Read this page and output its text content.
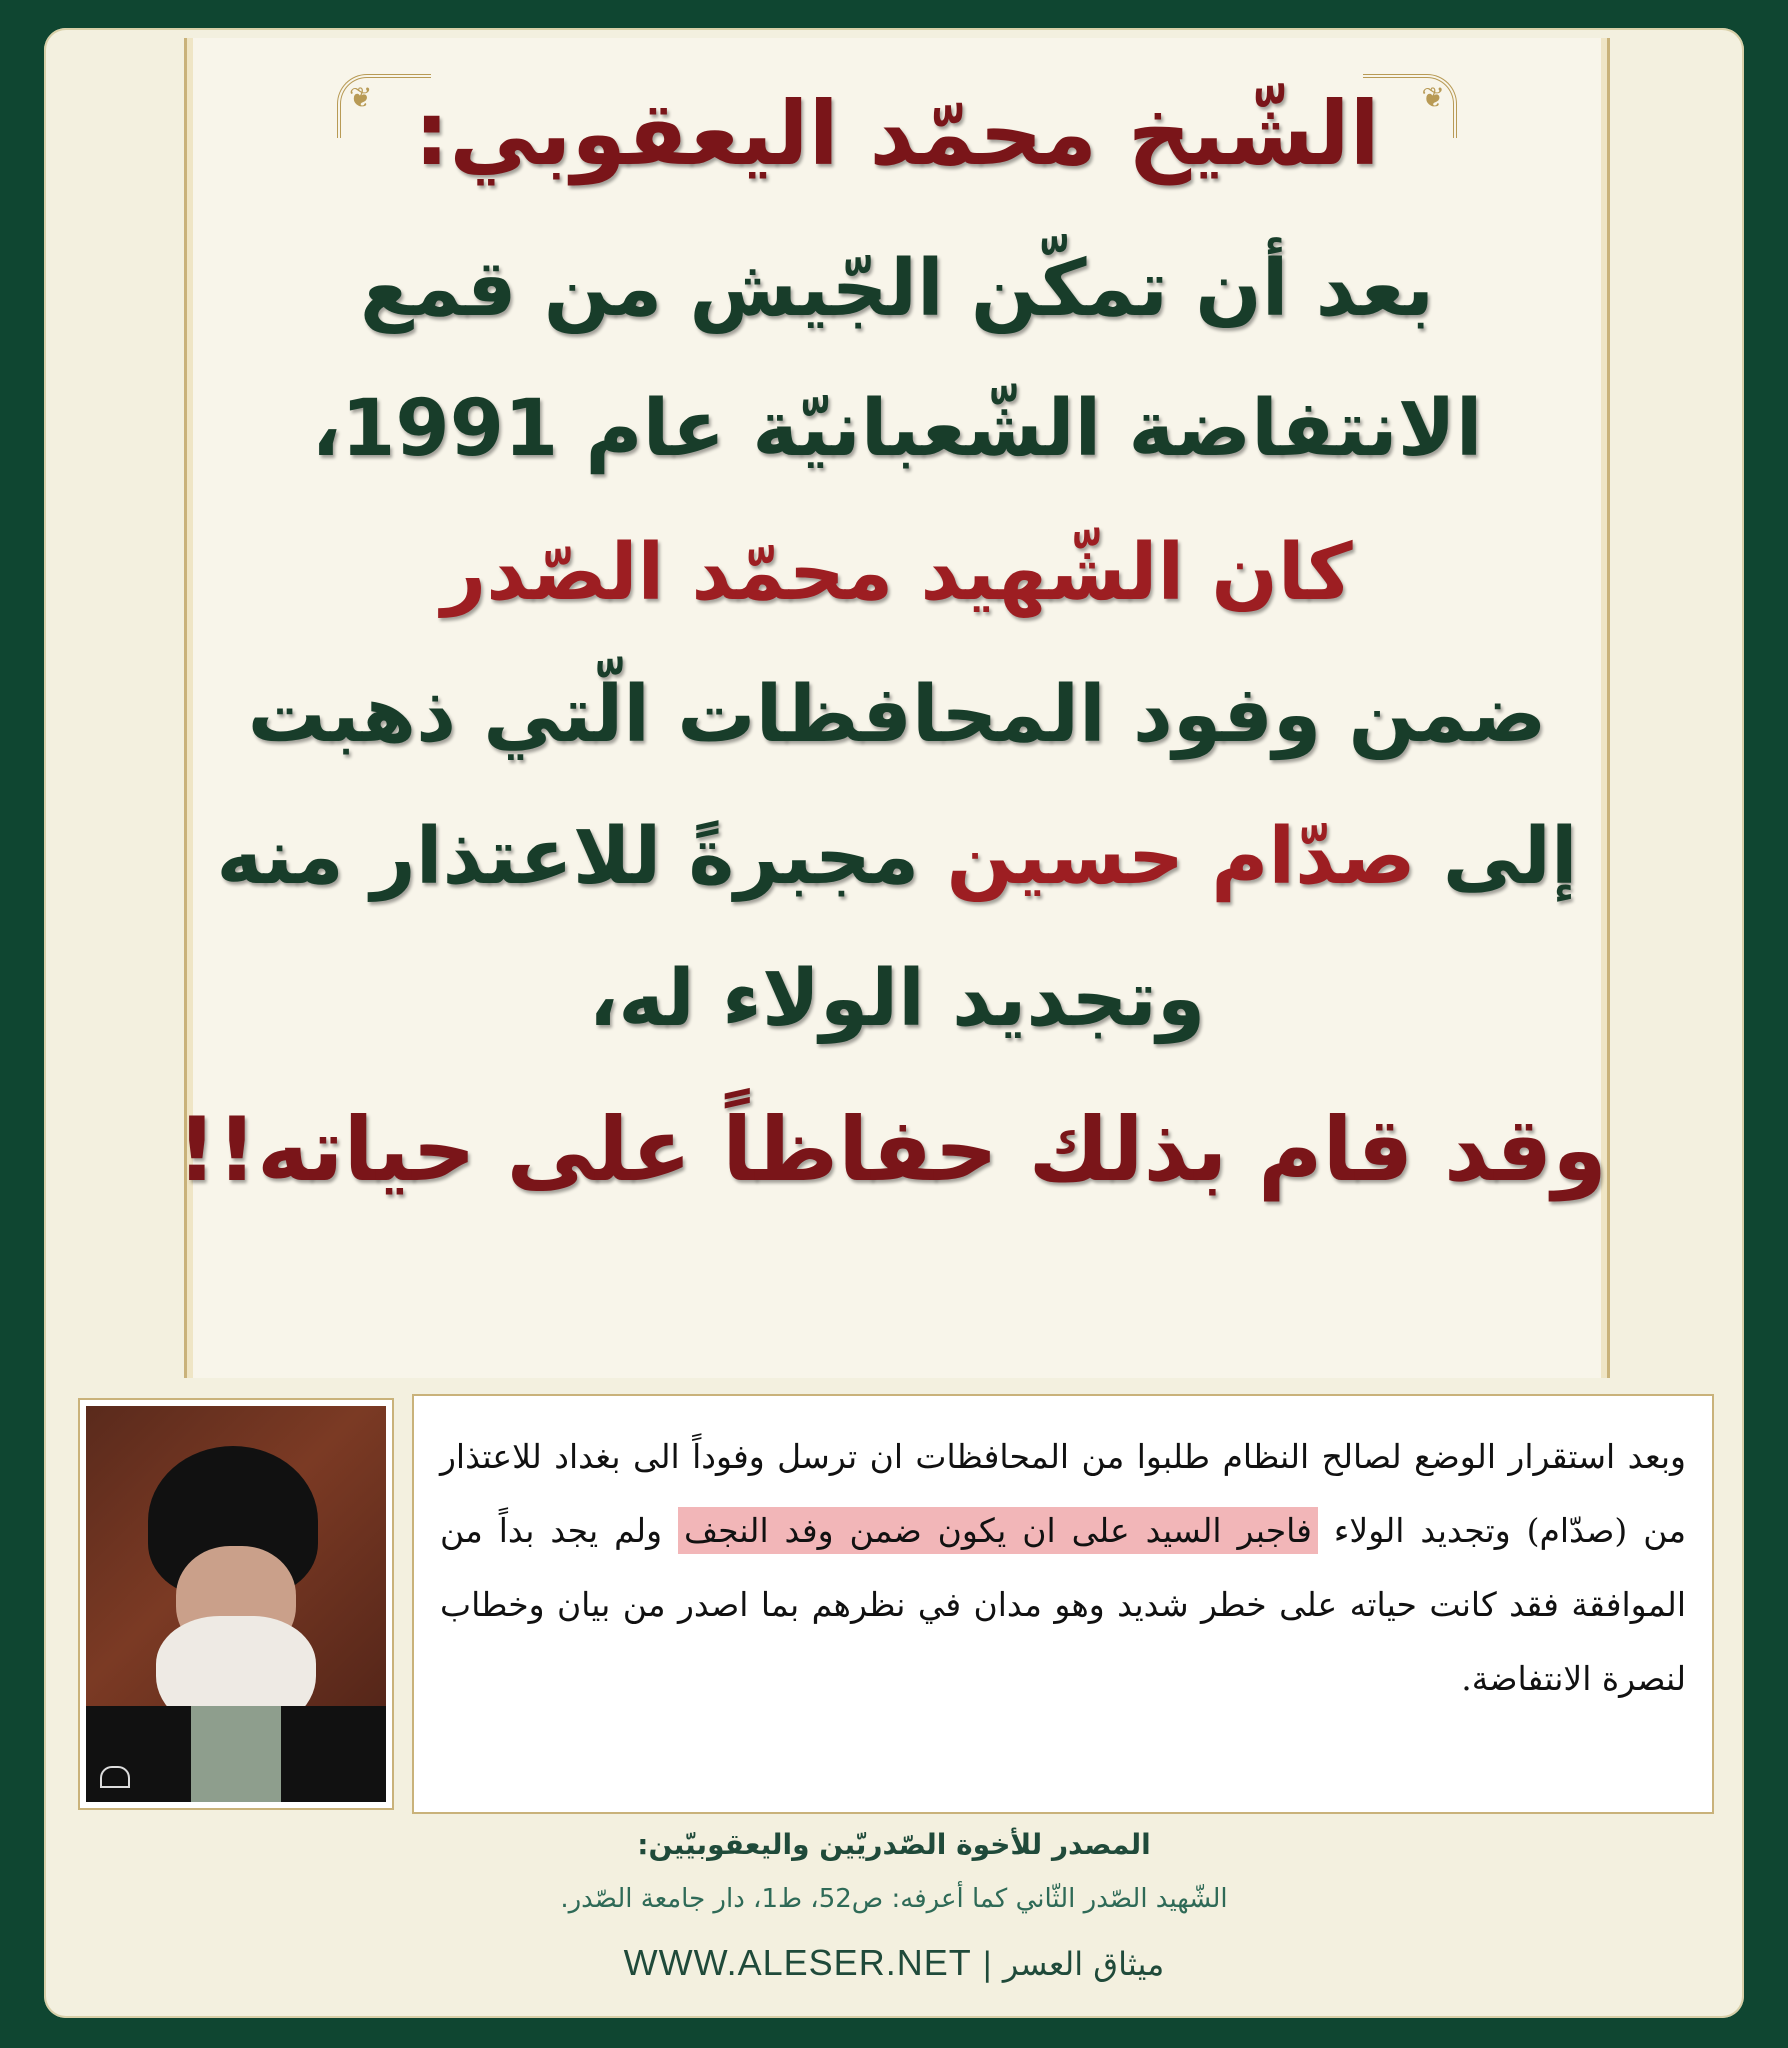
❦	❦
الشّيخ محمّد اليعقوبي:
بعد أن تمكّن الجّيش من قمع
الانتفاضة الشّعبانيّة عام 1991،
كان الشّهيد محمّد الصّدر
ضمن وفود المحافظات الّتي ذهبت
إلى صدّام حسين مجبرةً للاعتذار منه
وتجديد الولاء له،
وقد قام بذلك حفاظاً على حياته!!
وبعد استقرار الوضع لصالح النظام طلبوا من المحافظات ان ترسل وفوداً الى بغداد للاعتذار من (صدّام) وتجديد الولاء فاجبر السيد على ان يكون ضمن وفد النجف ولم يجد بداً من الموافقة فقد كانت حياته على خطر شديد وهو مدان في نظرهم بما اصدر من بيان وخطاب لنصرة الانتفاضة.
المصدر للأخوة الصّدريّين واليعقوبيّين:
الشّهيد الصّدر الثّاني كما أعرفه: ص52، ط1، دار جامعة الصّدر.
ميثاق العسر | WWW.ALESER.NET
